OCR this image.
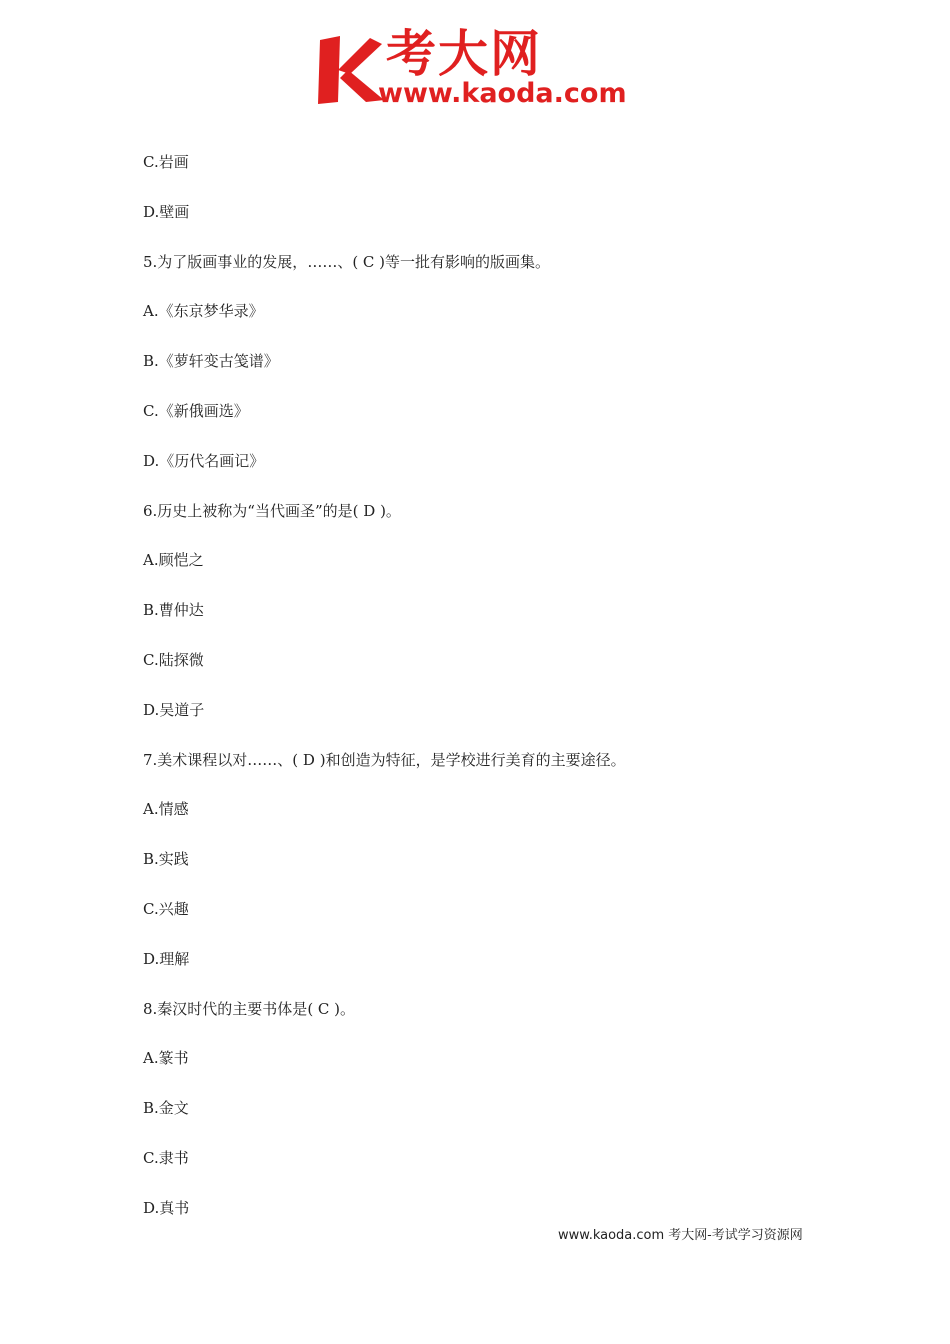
考大网
www.kaoda.com
C.岩画
D.壁画
5.为了版画事业的发展，……、( C )等一批有影响的版画集。
A.《东京梦华录》
B.《萝轩变古笺谱》
C.《新俄画选》
D.《历代名画记》
6.历史上被称为“当代画圣”的是( D )。
A.顾恺之
B.曹仲达
C.陆探微
D.吴道子
7.美术课程以对……、( D )和创造为特征，是学校进行美育的主要途径。
A.情感
B.实践
C.兴趣
D.理解
8.秦汉时代的主要书体是( C )。
A.篆书
B.金文
C.隶书
D.真书
www.kaoda.com 考大网-考试学习资源网
